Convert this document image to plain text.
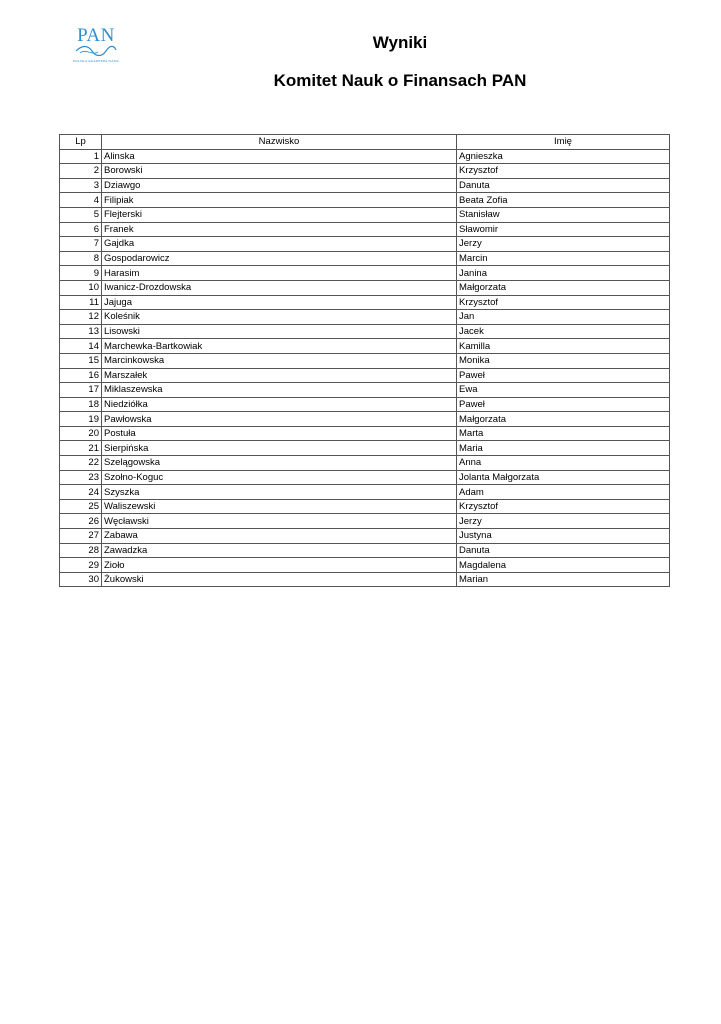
PAN
POLSKA AKADEMIA NAUK
Wyniki
Komitet Nauk o Finansach PAN
Lp	Nazwisko	Imię
1	Alinska	Agnieszka
2	Borowski	Krzysztof
3	Dziawgo	Danuta
4	Filipiak	Beata Zofia
5	Flejterski	Stanisław
6	Franek	Sławomir
7	Gajdka	Jerzy
8	Gospodarowicz	Marcin
9	Harasim	Janina
10	Iwanicz-Drozdowska	Małgorzata
11	Jajuga	Krzysztof
12	Koleśnik	Jan
13	Lisowski	Jacek
14	Marchewka-Bartkowiak	Kamilla
15	Marcinkowska	Monika
16	Marszałek	Paweł
17	Miklaszewska	Ewa
18	Niedziółka	Paweł
19	Pawłowska	Małgorzata
20	Postuła	Marta
21	Sierpińska	Maria
22	Szelągowska	Anna
23	Szołno-Koguc	Jolanta Małgorzata
24	Szyszka	Adam
25	Waliszewski	Krzysztof
26	Węcławski	Jerzy
27	Zabawa	Justyna
28	Zawadzka	Danuta
29	Zioło	Magdalena
30	Żukowski	Marian
